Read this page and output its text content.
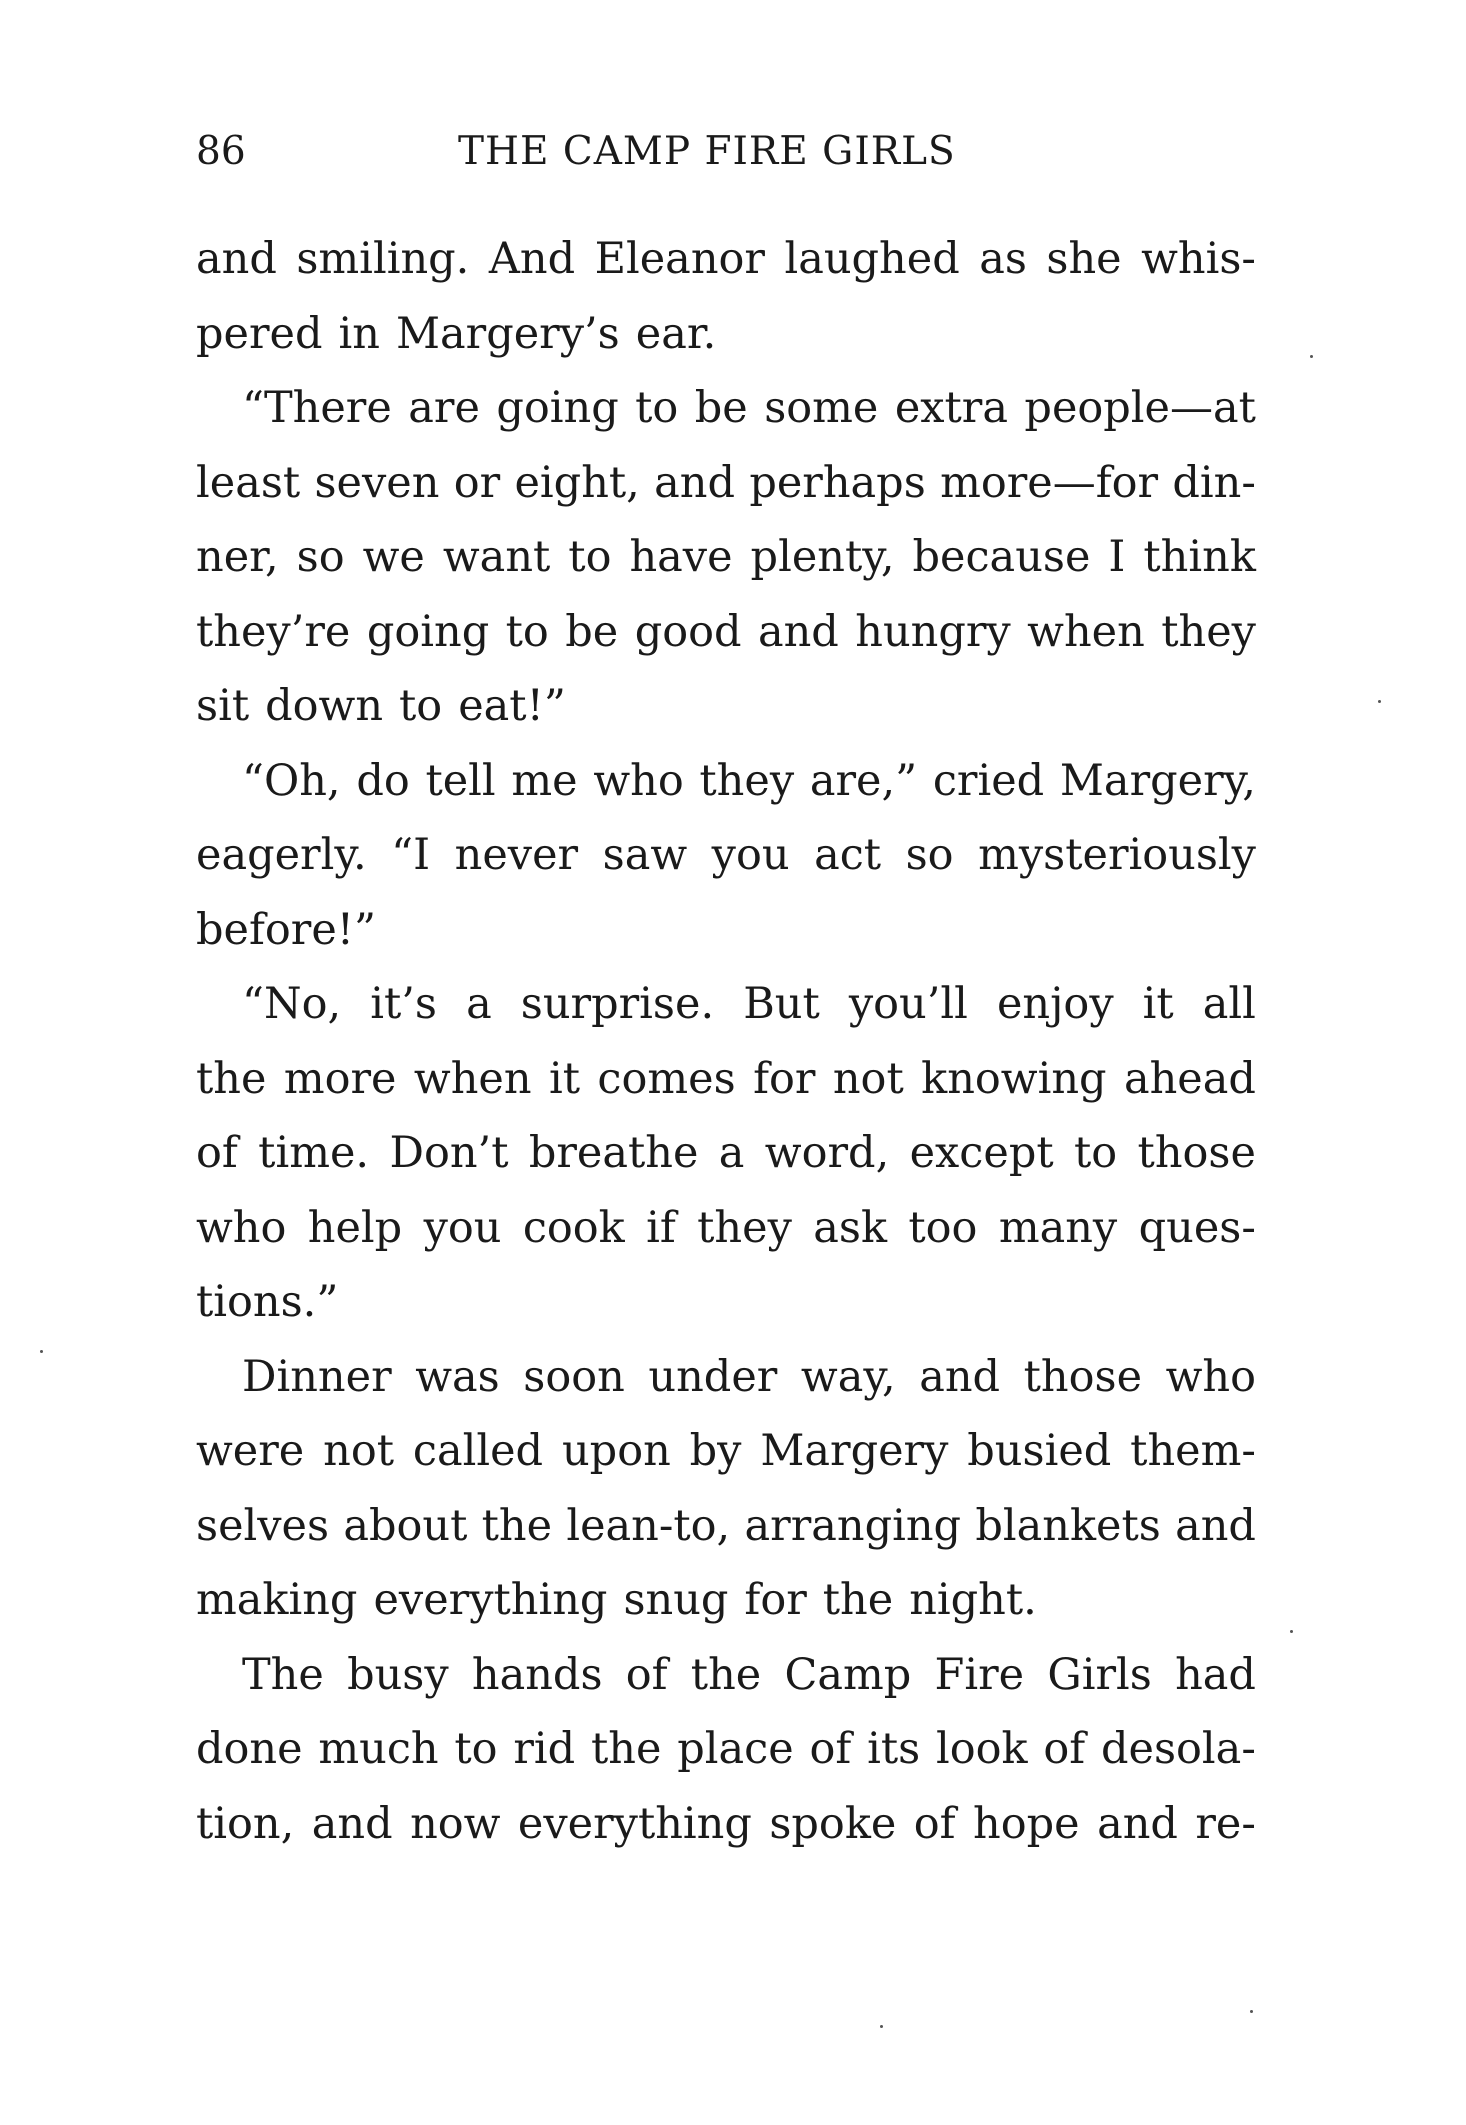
86	THE CAMP FIRE GIRLS
and smiling. And Eleanor laughed as she whis-
pered in Margery’s ear.
“There are going to be some extra people—at
least seven or eight, and perhaps more—for din-
ner, so we want to have plenty, because I think
they’re going to be good and hungry when they
sit down to eat!”
“Oh, do tell me who they are,” cried Margery,
eagerly. “I never saw you act so mysteriously
before!”
“No, it’s a surprise. But you’ll enjoy it all
the more when it comes for not knowing ahead
of time. Don’t breathe a word, except to those
who help you cook if they ask too many ques-
tions.”
Dinner was soon under way, and those who
were not called upon by Margery busied them-
selves about the lean-to, arranging blankets and
making everything snug for the night.
The busy hands of the Camp Fire Girls had
done much to rid the place of its look of desola-
tion, and now everything spoke of hope and re-
